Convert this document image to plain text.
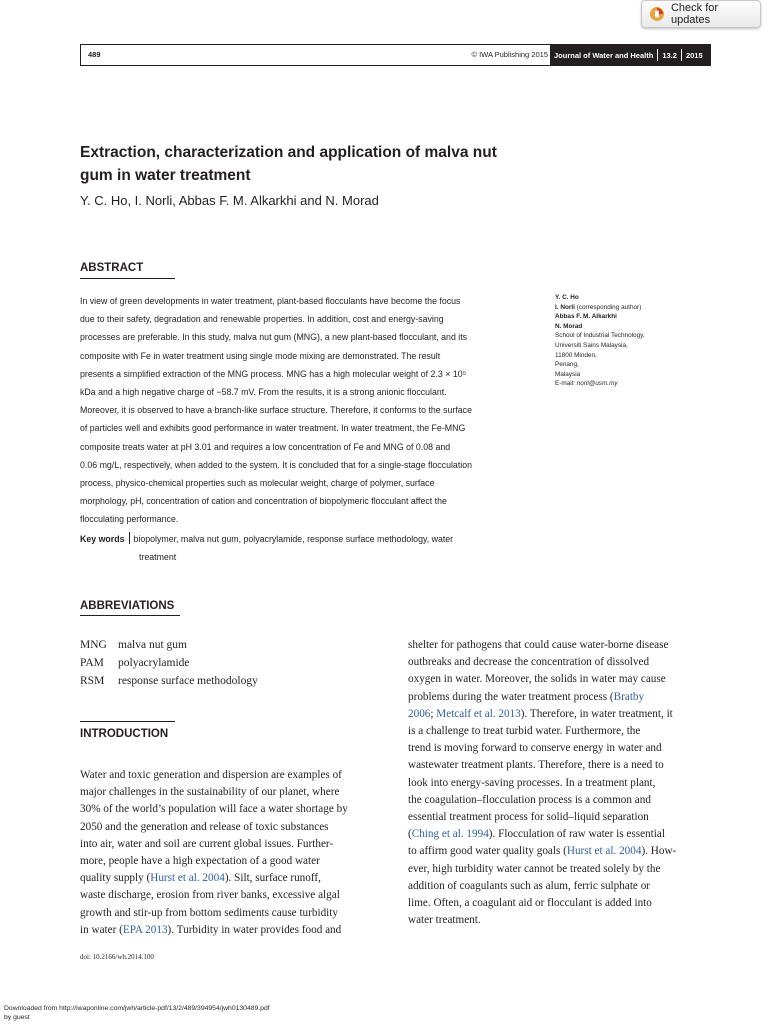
Check for updates
489	© IWA Publishing 2015 Journal of Water and Health	13.2	2015
Extraction, characterization and application of malva nut
gum in water treatment
Y. C. Ho, I. Norli, Abbas F. M. Alkarkhi and N. Morad
ABSTRACT
In view of green developments in water treatment, plant-based flocculants have become the focus
due to their safety, degradation and renewable properties. In addition, cost and energy-saving
processes are preferable. In this study, malva nut gum (MNG), a new plant-based flocculant, and its
composite with Fe in water treatment using single mode mixing are demonstrated. The result
presents a simplified extraction of the MNG process. MNG has a high molecular weight of 2.3 × 10⁵
kDa and a high negative charge of −58.7 mV. From the results, it is a strong anionic flocculant.
Moreover, it is observed to have a branch-like surface structure. Therefore, it conforms to the surface
of particles well and exhibits good performance in water treatment. In water treatment, the Fe-MNG
composite treats water at pH 3.01 and requires a low concentration of Fe and MNG of 0.08 and
0.06 mg/L, respectively, when added to the system. It is concluded that for a single-stage flocculation
process, physico-chemical properties such as molecular weight, charge of polymer, surface
morphology, pH, concentration of cation and concentration of biopolymeric flocculant affect the
flocculating performance.
Key words biopolymer, malva nut gum, polyacrylamide, response surface methodology, water
treatment
Y. C. Ho
I. Norli (corresponding author)
Abbas F. M. Alkarkhi
N. Morad
School of Industrial Technology,
Universiti Sains Malaysia,
11800 Minden,
Penang,
Malaysia
E-mail: norli@usm.my
ABBREVIATIONS
MNG malva nut gum
PAM	polyacrylamide
RSM	response surface methodology
INTRODUCTION
Water and toxic generation and dispersion are examples of
major challenges in the sustainability of our planet, where
30% of the world’s population will face a water shortage by
2050 and the generation and release of toxic substances
into air, water and soil are current global issues. Further-
more, people have a high expectation of a good water
quality supply (Hurst et al. 2004). Silt, surface runoff,
waste discharge, erosion from river banks, excessive algal
growth and stir-up from bottom sediments cause turbidity
in water (EPA 2013). Turbidity in water provides food and
shelter for pathogens that could cause water-borne disease
outbreaks and decrease the concentration of dissolved
oxygen in water. Moreover, the solids in water may cause
problems during the water treatment process (Bratby
2006; Metcalf et al. 2013). Therefore, in water treatment, it
is a challenge to treat turbid water. Furthermore, the
trend is moving forward to conserve energy in water and
wastewater treatment plants. Therefore, there is a need to
look into energy-saving processes. In a treatment plant,
the coagulation–flocculation process is a common and
essential treatment process for solid–liquid separation
(Ching et al. 1994). Flocculation of raw water is essential
to affirm good water quality goals (Hurst et al. 2004). How-
ever, high turbidity water cannot be treated solely by the
addition of coagulants such as alum, ferric sulphate or
lime. Often, a coagulant aid or flocculant is added into
water treatment.
doi: 10.2166/wh.2014.100
Downloaded from http://iwaponline.com/jwh/article-pdf/13/2/489/394954/jwh0130489.pdf
by guest
